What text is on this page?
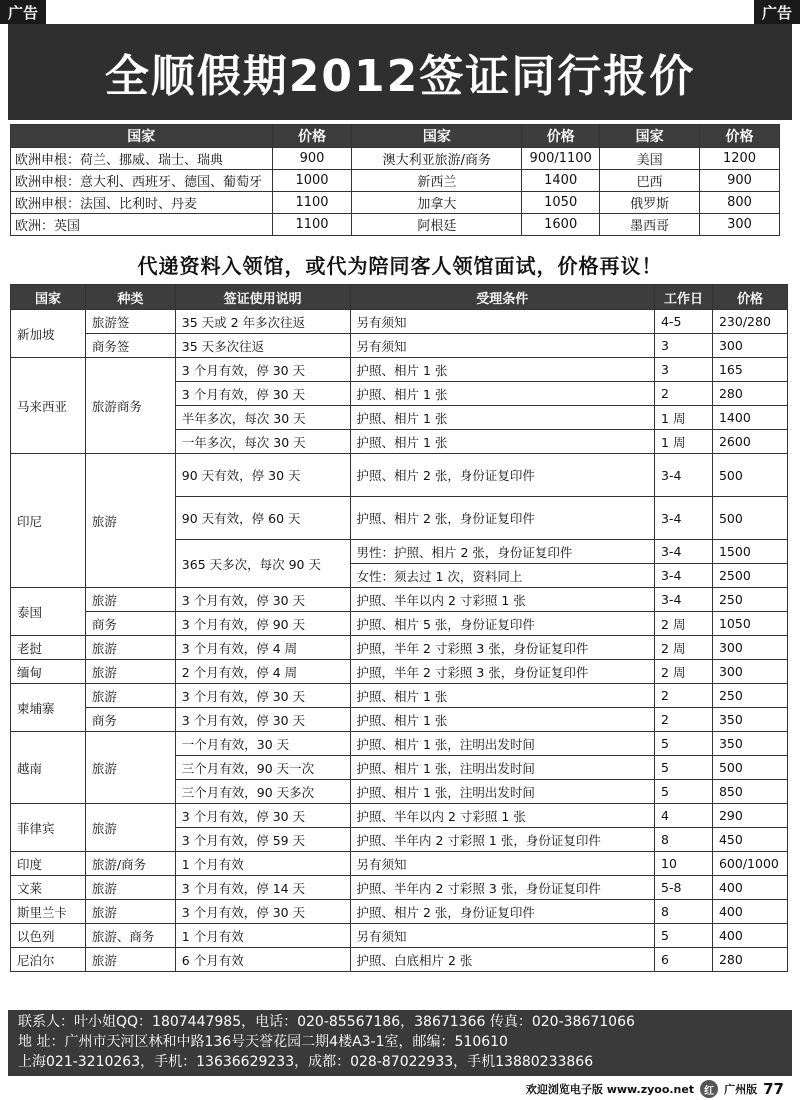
广告	广告
全顺假期2012签证同行报价
国家	价格	国家	价格	国家	价格
欧洲申根：荷兰、挪威、瑞士、瑞典	900	澳大利亚旅游/商务	900/1100	美国	1200
欧洲申根：意大利、西班牙、德国、葡萄牙	1000	新西兰	1400	巴西	900
欧洲申根：法国、比利时、丹麦	1100	加拿大	1050	俄罗斯	800
欧洲：英国	1100	阿根廷	1600	墨西哥	300
代递资料入领馆，或代为陪同客人领馆面试，价格再议！
国家	种类	签证使用说明	受理条件	工作日	价格
新加坡	旅游签	35 天或 2 年多次往返	另有须知	4-5	230/280
	商务签	35 天多次往返	另有须知	3	300
马来西亚	旅游商务	3 个月有效，停 30 天	护照、相片 1 张	3	165
		3 个月有效，停 30 天	护照、相片 1 张	2	280
		半年多次，每次 30 天	护照、相片 1 张	1 周	1400
		一年多次，每次 30 天	护照、相片 1 张	1 周	2600
印尼	旅游	90 天有效，停 30 天	护照、相片 2 张，身份证复印件	3-4	500
		90 天有效，停 60 天	护照、相片 2 张，身份证复印件	3-4	500
		365 天多次，每次 90 天	男性：护照、相片 2 张，身份证复印件	3-4	1500
			女性：须去过 1 次，资料同上	3-4	2500
泰国	旅游	3 个月有效，停 30 天	护照、半年以内 2 寸彩照 1 张	3-4	250
	商务	3 个月有效，停 90 天	护照、相片 5 张，身份证复印件	2 周	1050
老挝	旅游	3 个月有效，停 4 周	护照，半年 2 寸彩照 3 张，身份证复印件	2 周	300
缅甸	旅游	2 个月有效，停 4 周	护照，半年 2 寸彩照 3 张，身份证复印件	2 周	300
柬埔寨	旅游	3 个月有效，停 30 天	护照、相片 1 张	2	250
	商务	3 个月有效，停 30 天	护照、相片 1 张	2	350
越南	旅游	一个月有效，30 天	护照、相片 1 张，注明出发时间	5	350
		三个月有效，90 天一次	护照、相片 1 张，注明出发时间	5	500
		三个月有效，90 天多次	护照、相片 1 张，注明出发时间	5	850
菲律宾	旅游	3 个月有效，停 30 天	护照、半年以内 2 寸彩照 1 张	4	290
		3 个月有效，停 59 天	护照、半年内 2 寸彩照 1 张，身份证复印件	8	450
印度	旅游/商务	1 个月有效	另有须知	10	600/1000
文莱	旅游	3 个月有效，停 14 天	护照、半年内 2 寸彩照 3 张，身份证复印件	5-8	400
斯里兰卡	旅游	3 个月有效，停 30 天	护照、相片 2 张，身份证复印件	8	400
以色列	旅游、商务	1 个月有效	另有须知	5	400
尼泊尔	旅游	6 个月有效	护照、白底相片 2 张	6	280
联系人：叶小姐QQ：1807447985，电话：020-85567186，38671366 传真：020-38671066
地 址：广州市天河区林和中路136号天誉花园二期4楼A3-1室，邮编：510610
上海021-3210263，手机：13636629233，成都：028-87022933，手机13880233866
欢迎浏览电子版 www.zyoo.net	红 广州版 77
